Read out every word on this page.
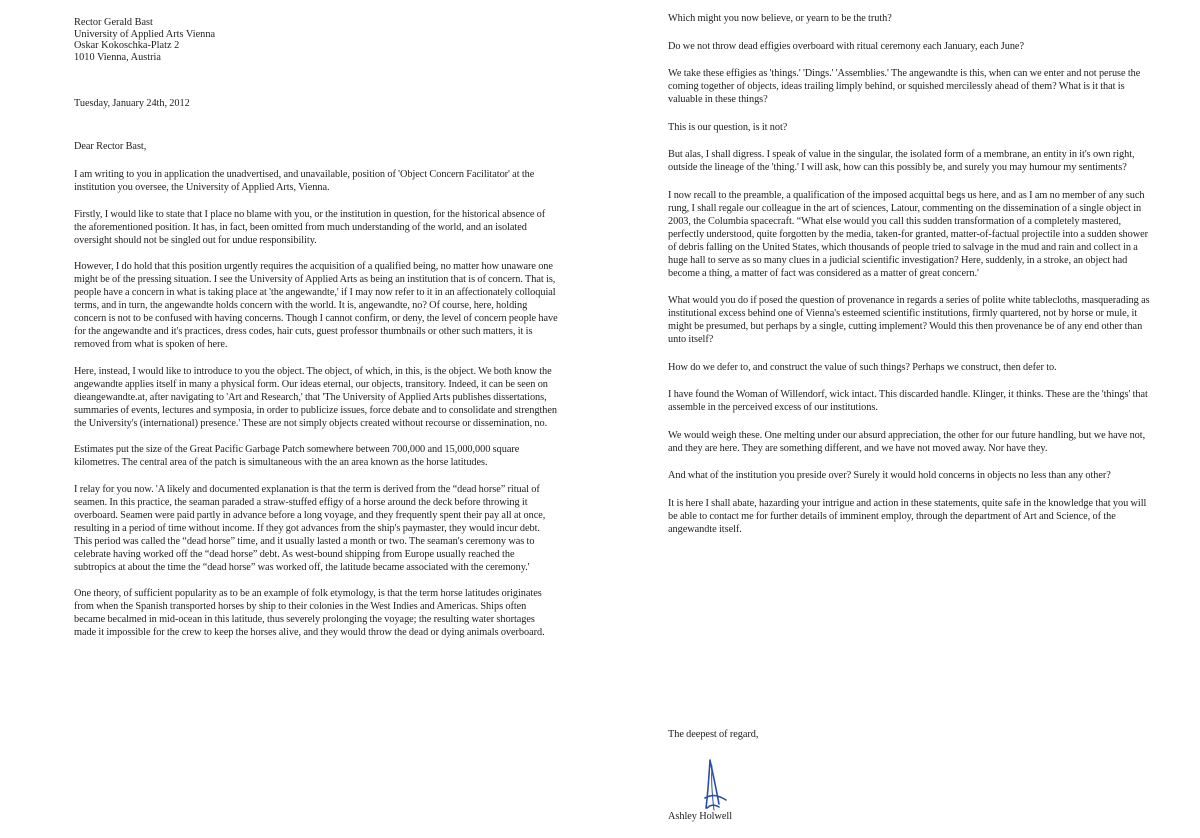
Rector Gerald Bast
University of Applied Arts Vienna
Oskar Kokoschka-Platz 2
1010 Vienna, Austria

Tuesday, January 24th, 2012

Dear Rector Bast,

I am writing to you in application the unadvertised, and unavailable, position of 'Object Concern Facilitator' at the institution you oversee, the University of Applied Arts, Vienna.

Firstly, I would like to state that I place no blame with you, or the institution in question, for the historical absence of the aforementioned position. It has, in fact, been omitted from much understanding of the world, and an isolated oversight should not be singled out for undue responsibility.

However, I do hold that this position urgently requires the acquisition of a qualified being, no matter how unaware one might be of the pressing situation. I see the University of Applied Arts as being an institution that is of concern. That is, people have a concern in what is taking place at 'the angewandte,' if I may now refer to it in an affectionately colloquial terms, and in turn, the angewandte holds concern with the world. It is, angewandte, no? Of course, here, holding concern is not to be confused with having concerns. Though I cannot confirm, or deny, the level of concern people have for the angewandte and it's practices, dress codes, hair cuts, guest professor thumbnails or other such matters, it is removed from what is spoken of here.

Here, instead, I would like to introduce to you the object. The object, of which, in this, is the object. We both know the angewandte applies itself in many a physical form. Our ideas eternal, our objects, transitory. Indeed, it can be seen on dieangewandte.at, after navigating to 'Art and Research,' that 'The University of Applied Arts publishes dissertations, summaries of events, lectures and symposia, in order to publicize issues, force debate and to consolidate and strengthen the University's (international) presence.' These are not simply objects created without recourse or dissemination, no.

Estimates put the size of the Great Pacific Garbage Patch somewhere between 700,000 and 15,000,000 square kilometres. The central area of the patch is simultaneous with the an area known as the horse latitudes.

I relay for you now. 'A likely and documented explanation is that the term is derived from the “dead horse” ritual of seamen. In this practice, the seaman paraded a straw-stuffed effigy of a horse around the deck before throwing it overboard. Seamen were paid partly in advance before a long voyage, and they frequently spent their pay all at once, resulting in a period of time without income. If they got advances from the ship's paymaster, they would incur debt. This period was called the “dead horse” time, and it usually lasted a month or two. The seaman's ceremony was to celebrate having worked off the “dead horse” debt. As west-bound shipping from Europe usually reached the subtropics at about the time the “dead horse” was worked off, the latitude became associated with the ceremony.'

One theory, of sufficient popularity as to be an example of folk etymology, is that the term horse latitudes originates from when the Spanish transported horses by ship to their colonies in the West Indies and Americas. Ships often became becalmed in mid-ocean in this latitude, thus severely prolonging the voyage; the resulting water shortages made it impossible for the crew to keep the horses alive, and they would throw the dead or dying animals overboard.

Which might you now believe, or yearn to be the truth?

Do we not throw dead effigies overboard with ritual ceremony each January, each June?

We take these effigies as 'things.' 'Dings.' 'Assemblies.' The angewandte is this, when can we enter and not peruse the coming together of objects, ideas trailing limply behind, or squished mercilessly ahead of them? What is it that is valuable in these things?

This is our question, is it not?

But alas, I shall digress. I speak of value in the singular, the isolated form of a membrane, an entity in it's own right, outside the lineage of the 'thing.' I will ask, how can this possibly be, and surely you may humour my sentiments?

I now recall to the preamble, a qualification of the imposed acquittal begs us here, and as I am no member of any such rung, I shall regale our colleague in the art of sciences, Latour, commenting on the dissemination of a single object in 2003, the Columbia spacecraft. “What else would you call this sudden transformation of a completely mastered, perfectly understood, quite forgotten by the media, taken-for granted, matter-of-factual projectile into a sudden shower of debris falling on the United States, which thousands of people tried to salvage in the mud and rain and collect in a huge hall to serve as so many clues in a judicial scientific investigation? Here, suddenly, in a stroke, an object had become a thing, a matter of fact was considered as a matter of great concern.'

What would you do if posed the question of provenance in regards a series of polite white tablecloths, masquerading as institutional excess behind one of Vienna's esteemed scientific institutions, firmly quartered, not by horse or mule, it might be presumed, but perhaps by a single, cutting implement? Would this then provenance be of any end other than unto itself?

How do we defer to, and construct the value of such things? Perhaps we construct, then defer to.

I have found the Woman of Willendorf, wick intact. This discarded handle. Klinger, it thinks. These are the 'things' that assemble in the perceived excess of our institutions.

We would weigh these. One melting under our absurd appreciation, the other for our future handling, but we have not, and they are here. They are something different, and we have not moved away. Nor have they.

And what of the institution you preside over? Surely it would hold concerns in objects no less than any other?

It is here I shall abate, hazarding your intrigue and action in these statements, quite safe in the knowledge that you will be able to contact me for further details of imminent employ, through the department of Art and Science, of the angewandte itself.

The deepest of regard,

Ashley Holwell
